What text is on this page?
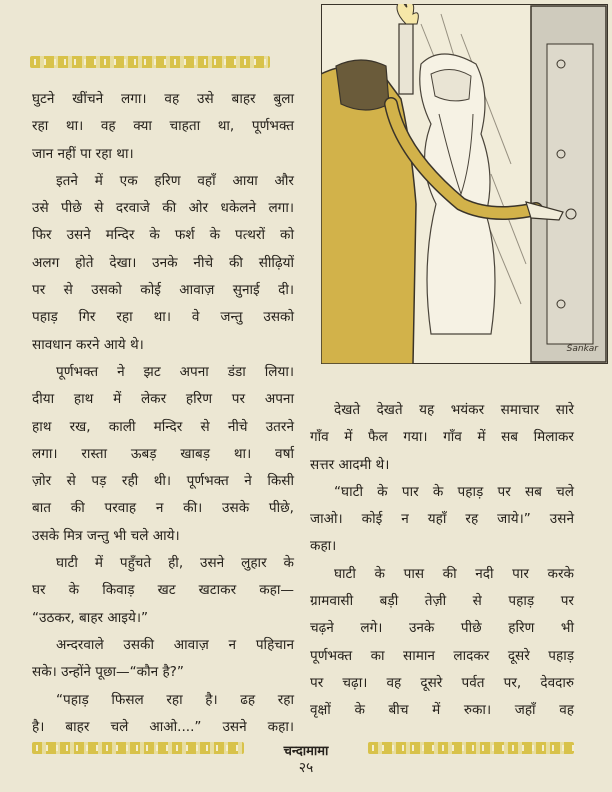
घुटने खींचने लगा। वह उसे बाहर बुला

रहा था। वह क्या चाहता था, पूर्णभक्त

जान नहीं पा रहा था।

इतने में एक हरिण वहाँ आया और

उसे पीछे से दरवाजे की ओर धकेलने लगा।

फिर उसने मन्दिर के फर्श के पत्थरों को

अलग होते देखा। उनके नीचे की सीढ़ियों

पर से उसको कोई आवाज़ सुनाई दी।

पहाड़ गिर रहा था। वे जन्तु उसको

सावधान करने आये थे।

पूर्णभक्त ने झट अपना डंडा लिया।

दीया हाथ में लेकर हरिण पर अपना

हाथ रख, काली मन्दिर से नीचे उतरने

लगा। रास्ता ऊबड़ खाबड़ था। वर्षा

ज़ोर से पड़ रही थी। पूर्णभक्त ने किसी

बात की परवाह न की। उसके पीछे,

उसके मित्र जन्तु भी चले आये।

घाटी में पहुँचते ही, उसने लुहार के

घर के किवाड़ खट खटाकर कहा—

“उठकर, बाहर आइये।”

अन्दरवाले उसकी आवाज़ न पहिचान

सके। उन्होंने पूछा—“कौन है?”

“पहाड़ फिसल रहा है। ढह रहा

है। बाहर चले आओ....” उसने कहा।

Sankar

देखते देखते यह भयंकर समाचार सारे

गाँव में फैल गया। गाँव में सब मिलाकर

सत्तर आदमी थे।

“घाटी के पार के पहाड़ पर सब चले

जाओ। कोई न यहाँ रह जाये।” उसने

कहा।

घाटी के पास की नदी पार करके

ग्रामवासी बड़ी तेज़ी से पहाड़ पर

चढ़ने लगे। उनके पीछे हरिण भी

पूर्णभक्त का सामान लादकर दूसरे पहाड़

पर चढ़ा। वह दूसरे पर्वत पर, देवदारु

वृक्षों के बीच में रुका। जहाँ वह

चन्दामामा
२५
